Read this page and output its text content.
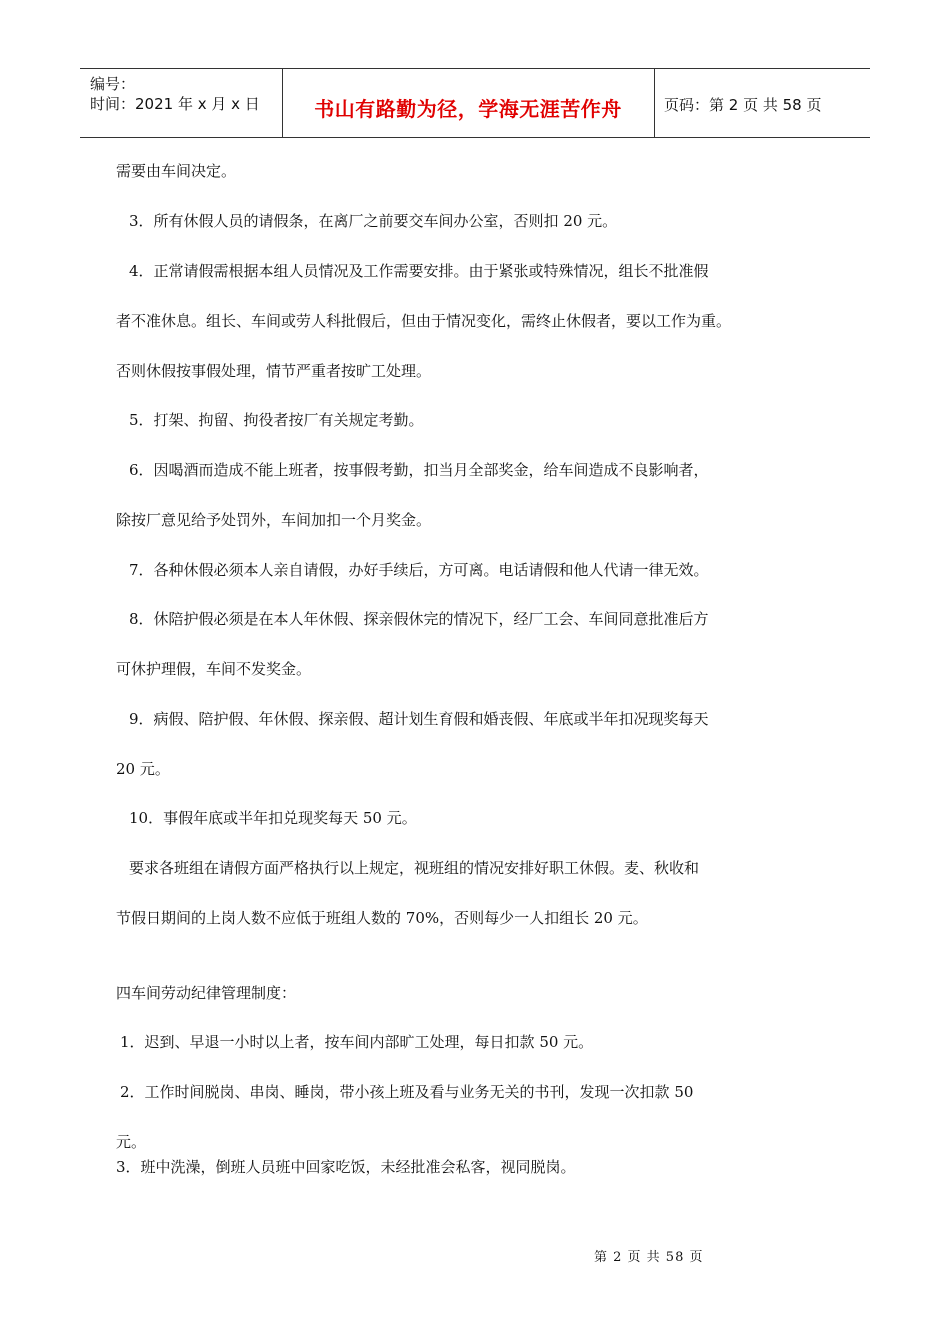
编号：
时间：2021 年 x 月 x 日	书山有路勤为径，学海无涯苦作舟	页码：第 2 页 共 58 页
需要由车间决定。
3．所有休假人员的请假条，在离厂之前要交车间办公室，否则扣 20 元。
4．正常请假需根据本组人员情况及工作需要安排。由于紧张或特殊情况，组长不批准假
者不准休息。组长、车间或劳人科批假后，但由于情况变化，需终止休假者，要以工作为重。
否则休假按事假处理，情节严重者按旷工处理。
5．打架、拘留、拘役者按厂有关规定考勤。
6．因喝酒而造成不能上班者，按事假考勤，扣当月全部奖金，给车间造成不良影响者，
除按厂意见给予处罚外，车间加扣一个月奖金。
7．各种休假必须本人亲自请假，办好手续后，方可离。电话请假和他人代请一律无效。
8．休陪护假必须是在本人年休假、探亲假休完的情况下，经厂工会、车间同意批准后方
可休护理假，车间不发奖金。
9．病假、陪护假、年休假、探亲假、超计划生育假和婚丧假、年底或半年扣况现奖每天
20 元。
10．事假年底或半年扣兑现奖每天 50 元。
要求各班组在请假方面严格执行以上规定，视班组的情况安排好职工休假。麦、秋收和
节假日期间的上岗人数不应低于班组人数的 70%，否则每少一人扣组长 20 元。
四车间劳动纪律管理制度：
1．迟到、早退一小时以上者，按车间内部旷工处理，每日扣款 50 元。
2．工作时间脱岗、串岗、睡岗，带小孩上班及看与业务无关的书刊，发现一次扣款 50
元。
3．班中洗澡，倒班人员班中回家吃饭，未经批准会私客，视同脱岗。
第 2 页 共 58 页
